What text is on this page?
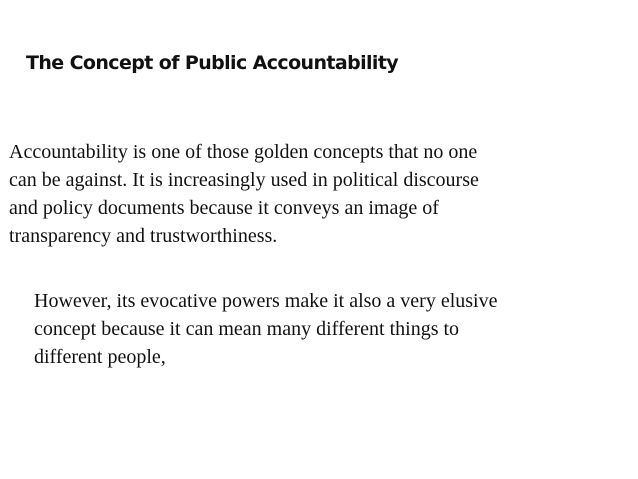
The Concept of Public Accountability

Accountability is one of those golden concepts that no one
can be against. It is increasingly used in political discourse
and policy documents because it conveys an image of
transparency and trustworthiness.

However, its evocative powers make it also a very elusive
concept because it can mean many different things to
different people,
